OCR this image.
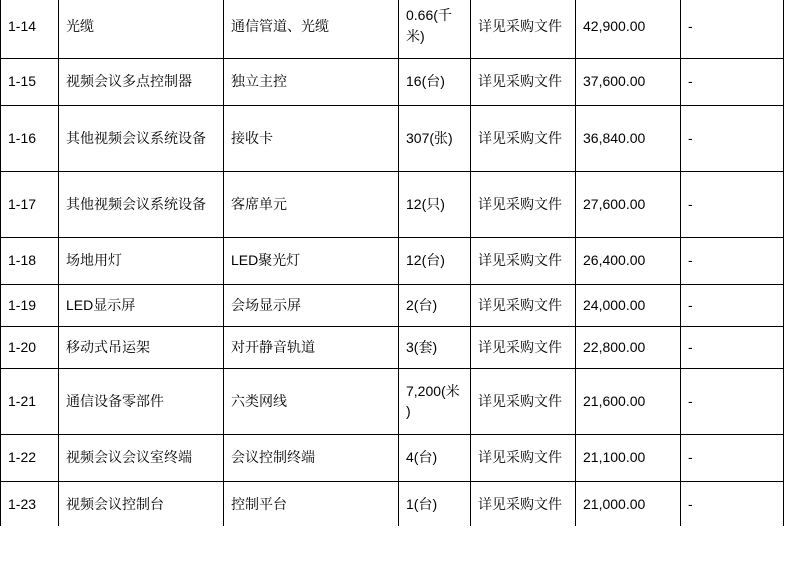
1-14	光缆	通信管道、光缆	0.66(千米)	详见采购文件	42,900.00	-
1-15	视频会议多点控制器	独立主控	16(台)	详见采购文件	37,600.00	-
1-16	其他视频会议系统设备	接收卡	307(张)	详见采购文件	36,840.00	-
1-17	其他视频会议系统设备	客席单元	12(只)	详见采购文件	27,600.00	-
1-18	场地用灯	LED聚光灯	12(台)	详见采购文件	26,400.00	-
1-19	LED显示屏	会场显示屏	2(台)	详见采购文件	24,000.00	-
1-20	移动式吊运架	对开静音轨道	3(套)	详见采购文件	22,800.00	-
1-21	通信设备零部件	六类网线	7,200(米)	详见采购文件	21,600.00	-
1-22	视频会议会议室终端	会议控制终端	4(台)	详见采购文件	21,100.00	-
1-23	视频会议控制台	控制平台	1(台)	详见采购文件	21,000.00	-
